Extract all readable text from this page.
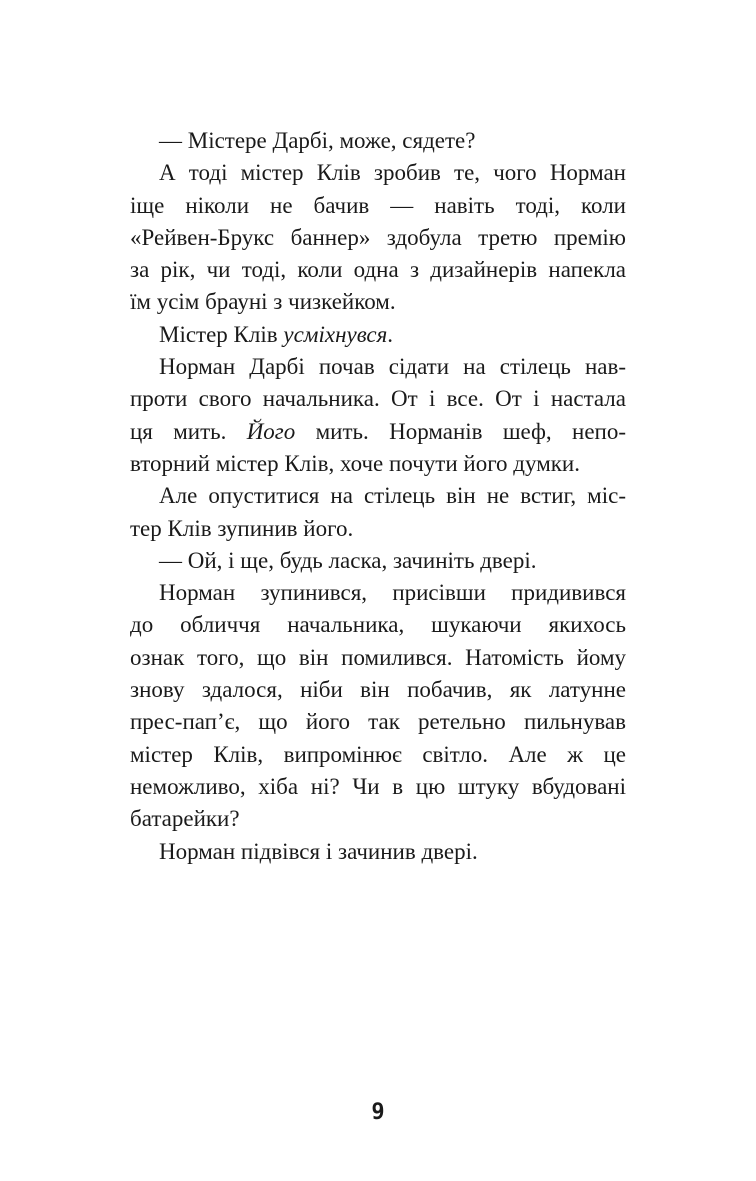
— Містере Дарбі, може, сядете?
А тоді містер Клів зробив те, чого Норман
іще ніколи не бачив — навіть тоді, коли
«Рейвен-Брукс баннер» здобула третю премію
за рік, чи тоді, коли одна з дизайнерів напекла
їм усім брауні з чизкейком.
Містер Клів усміхнувся.
Норман Дарбі почав сідати на стілець нав-
проти свого начальника. От і все. От і настала
ця мить. Його мить. Норманів шеф, непо-
вторний містер Клів, хоче почути його думки.
Але опуститися на стілець він не встиг, міс-
тер Клів зупинив його.
— Ой, і ще, будь ласка, зачиніть двері.
Норман зупинився, присівши придивився
до обличчя начальника, шукаючи якихось
ознак того, що він помилився. Натомість йому
знову здалося, ніби він побачив, як латунне
прес-пап’є, що його так ретельно пильнував
містер Клів, випромінює світло. Але ж це
неможливо, хіба ні? Чи в цю штуку вбудовані
батарейки?
Норман підвівся і зачинив двері.
9
